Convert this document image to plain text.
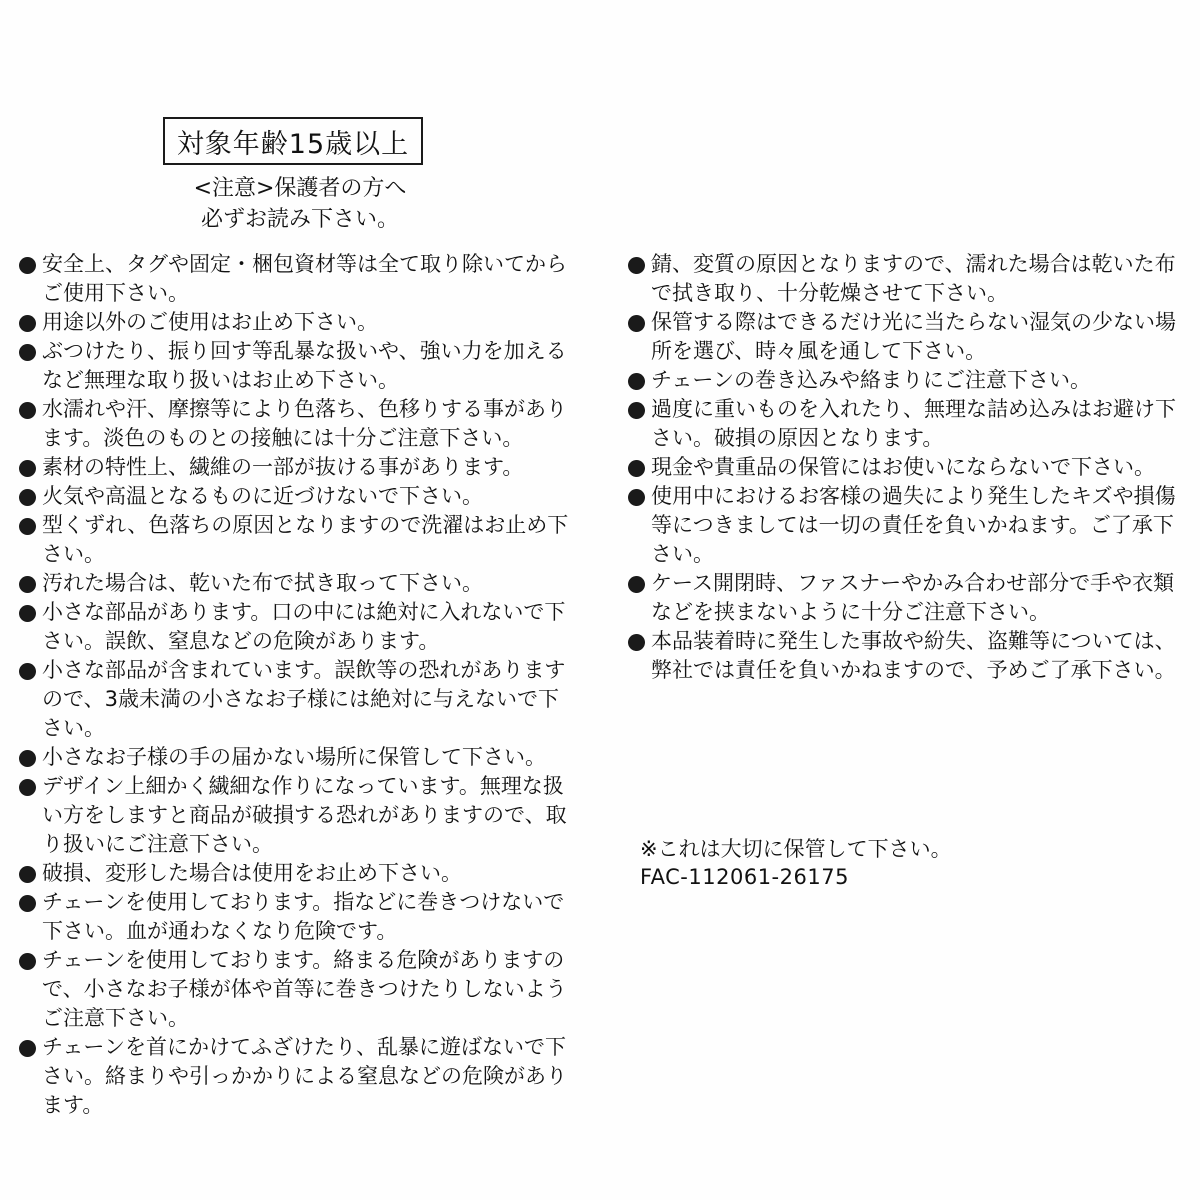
対象年齢15歳以上
<注意>保護者の方へ
必ずお読み下さい。
安全上、タグや固定・梱包資材等は全て取り除いてからご使用下さい。
用途以外のご使用はお止め下さい。
ぶつけたり、振り回す等乱暴な扱いや、強い力を加えるなど無理な取り扱いはお止め下さい。
水濡れや汗、摩擦等により色落ち、色移りする事があります。淡色のものとの接触には十分ご注意下さい。
素材の特性上、繊維の一部が抜ける事があります。
火気や高温となるものに近づけないで下さい。
型くずれ、色落ちの原因となりますので洗濯はお止め下さい。
汚れた場合は、乾いた布で拭き取って下さい。
小さな部品があります。口の中には絶対に入れないで下さい。誤飲、窒息などの危険があります。
小さな部品が含まれています。誤飲等の恐れがありますので、3歳未満の小さなお子様には絶対に与えないで下さい。
小さなお子様の手の届かない場所に保管して下さい。
デザイン上細かく繊細な作りになっています。無理な扱い方をしますと商品が破損する恐れがありますので、取り扱いにご注意下さい。
破損、変形した場合は使用をお止め下さい。
チェーンを使用しております。指などに巻きつけないで下さい。血が通わなくなり危険です。
チェーンを使用しております。絡まる危険がありますので、小さなお子様が体や首等に巻きつけたりしないようご注意下さい。
チェーンを首にかけてふざけたり、乱暴に遊ばないで下さい。絡まりや引っかかりによる窒息などの危険があります。
錆、変質の原因となりますので、濡れた場合は乾いた布で拭き取り、十分乾燥させて下さい。
保管する際はできるだけ光に当たらない湿気の少ない場所を選び、時々風を通して下さい。
チェーンの巻き込みや絡まりにご注意下さい。
過度に重いものを入れたり、無理な詰め込みはお避け下さい。破損の原因となります。
現金や貴重品の保管にはお使いにならないで下さい。
使用中におけるお客様の過失により発生したキズや損傷等につきましては一切の責任を負いかねます。ご了承下さい。
ケース開閉時、ファスナーやかみ合わせ部分で手や衣類などを挟まないように十分ご注意下さい。
本品装着時に発生した事故や紛失、盗難等については、弊社では責任を負いかねますので、予めご了承下さい。
※これは大切に保管して下さい。
FAC-112061-26175
